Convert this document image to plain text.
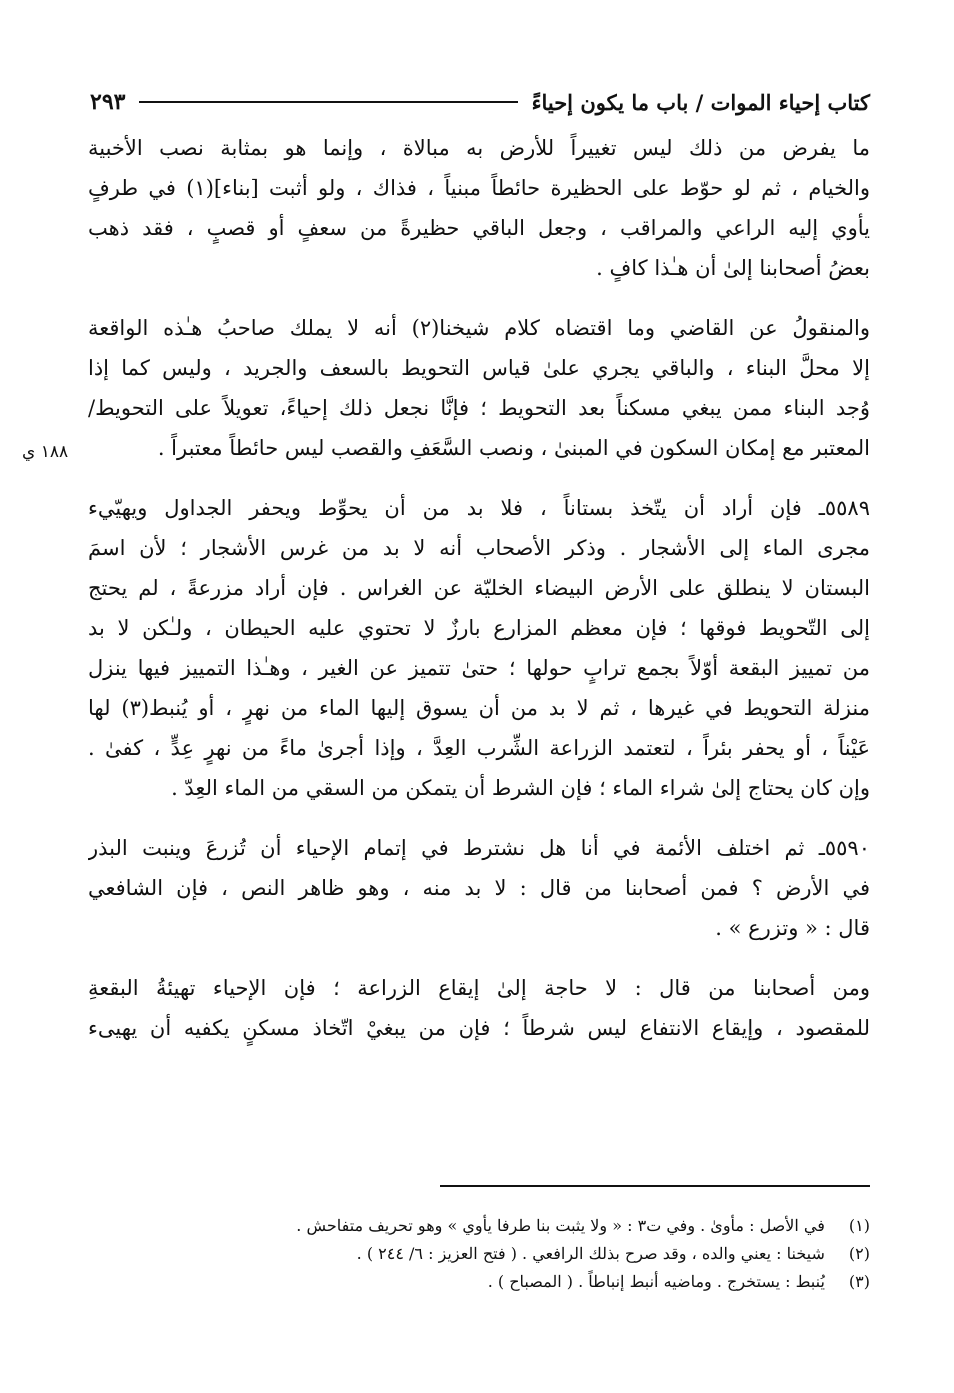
كتاب إحياء الموات / باب ما يكون إحياءً
٢٩٣
١٨٨ ي
ما يفرض من ذلك ليس تغييراً للأرض به مبالاة ، وإنما هو بمثابة نصب الأخبية
والخيام ، ثم لو حوّط على الحظيرة حائطاً مبنياً ، فذاك ، ولو أثبت [بناء](١) في طرفٍ
يأوي إليه الراعي والمراقب ، وجعل الباقي حظيرةً من سعفٍ أو قصبٍ ، فقد ذهب
بعضُ أصحابنا إلىٰ أن هـٰذا كافٍ .
والمنقولُ عن القاضي وما اقتضاه كلام شيخنا(٢) أنه لا يملك صاحبُ هـٰذه الواقعة
إلا محلَّ البناء ، والباقي يجري علىٰ قياس التحويط بالسعف والجريد ، وليس كما إذا
وُجد البناء ممن يبغي مسكناً بعد التحويط ؛ فإنَّا نجعل ذلك إحياءً، تعويلاً على التحويط/
المعتبر مع إمكان السكون في المبنىٰ ، ونصب السَّعَفِ والقصب ليس حائطاً معتبراً .
٥٥٨٩ـ فإن أراد أن يتّخذ بستاناً ، فلا بد من أن يحوِّط ويحفر الجداول ويهيّيء
مجرى الماء إلى الأشجار . وذكر الأصحاب أنه لا بد من غرس الأشجار ؛ لأن اسمَ
البستان لا ينطلق على الأرض البيضاء الخليّة عن الغراس . فإن أراد مزرعةً ، لم يحتج
إلى التّحويط فوقها ؛ فإن معظم المزارع بارزٌ لا تحتوي عليه الحيطان ، ولـٰكن لا بد
من تمييز البقعة أوّلاً بجمع ترابٍ حولها ؛ حتىٰ تتميز عن الغير ، وهـٰذا التمييز فيها ينزل
منزلة التحويط في غيرها ، ثم لا بد من أن يسوق إليها الماء من نهرٍ ، أو يُنبط(٣) لها
عَيْناً ، أو يحفر بئراً ، لتعتمد الزراعة الشِّرب العِدَّ ، وإذا أجرىٰ ماءً من نهرٍ عِدٍّ ، كفىٰ .
وإن كان يحتاج إلىٰ شراء الماء ؛ فإن الشرط أن يتمكن من السقي من الماء العِدّ .
٥٥٩٠ـ ثم اختلف الأئمة في أنا هل نشترط في إتمام الإحياء أن تُزرعَ وينبت البذر
في الأرض ؟ فمن أصحابنا من قال : لا بد منه ، وهو ظاهر النص ، فإن الشافعي
قال : « وتزرع » .
ومن أصحابنا من قال : لا حاجة إلىٰ إيقاع الزراعة ؛ فإن الإحياء تهيئةُ البقعةِ
للمقصود ، وإيقاع الانتفاع ليس شرطاً ؛ فإن من يبغيْ اتّخاذ مسكنٍ يكفيه أن يهيىء
(١) في الأصل : مأوىٰ . وفي ت٣ : « ولا يثبت بنا طرفا يأوي » وهو تحريف متفاحش .
(٢) شيخنا : يعني والده ، وقد صرح بذلك الرافعي . ( فتح العزيز : ٦/ ٢٤٤ ) .
(٣) يُنبط : يستخرج . وماضيه أنبط إنباطاً . ( المصباح ) .
